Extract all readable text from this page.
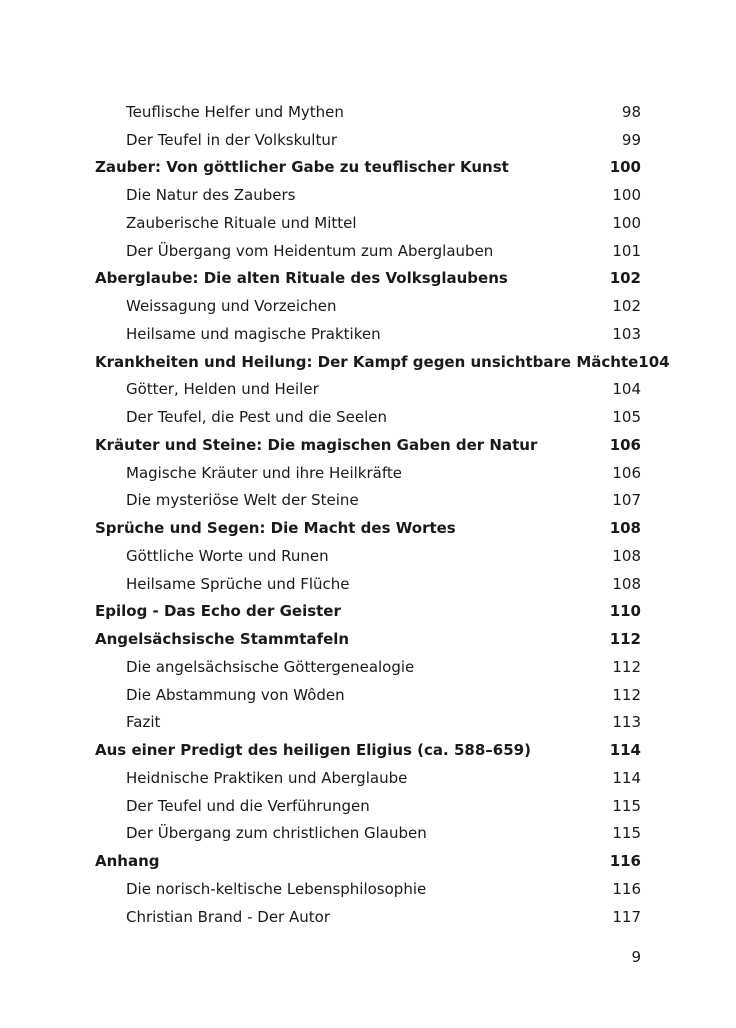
Teuflische Helfer und Mythen	98
Der Teufel in der Volkskultur	99
Zauber: Von göttlicher Gabe zu teuflischer Kunst	100
Die Natur des Zaubers	100
Zauberische Rituale und Mittel	100
Der Übergang vom Heidentum zum Aberglauben	101
Aberglaube: Die alten Rituale des Volksglaubens	102
Weissagung und Vorzeichen	102
Heilsame und magische Praktiken	103
Krankheiten und Heilung: Der Kampf gegen unsichtbare Mächte 104
Götter, Helden und Heiler	104
Der Teufel, die Pest und die Seelen	105
Kräuter und Steine: Die magischen Gaben der Natur	106
Magische Kräuter und ihre Heilkräfte	106
Die mysteriöse Welt der Steine	107
Sprüche und Segen: Die Macht des Wortes	108
Göttliche Worte und Runen	108
Heilsame Sprüche und Flüche	108
Epilog - Das Echo der Geister	110
Angelsächsische Stammtafeln	112
Die angelsächsische Göttergenealogie	112
Die Abstammung von Wôden	112
Fazit	113
Aus einer Predigt des heiligen Eligius (ca. 588–659)	114
Heidnische Praktiken und Aberglaube	114
Der Teufel und die Verführungen	115
Der Übergang zum christlichen Glauben	115
Anhang	116
Die norisch-keltische Lebensphilosophie	116
Christian Brand - Der Autor	117
9
